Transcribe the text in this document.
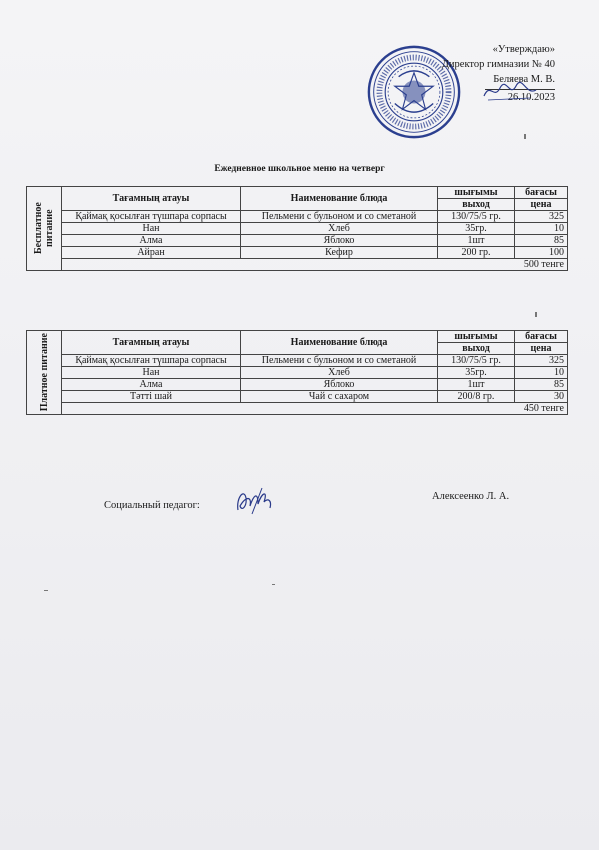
«Утверждаю»
Директор гимназии № 40
Беляева М. В.
26.10.2023
Ежедневное школьное меню на четверг
Бесплатное питание	Тағамның атауы	Наименование блюда	шығымы	бағасы
			выход	цена
	Қаймақ қосылған түшпара сорпасы	Пельмени с бульоном и со сметаной	130/75/5 гр.	325
	Нан	Хлеб	35гр.	10
	Алма	Яблоко	1шт	85
	Айран	Кефир	200 гр.	100
	500 тенге			
Платное питание	Тағамның атауы	Наименование блюда	шығымы	бағасы
			выход	цена
	Қаймақ қосылған түшпара сорпасы	Пельмени с бульоном и со сметаной	130/75/5 гр.	325
	Нан	Хлеб	35гр.	10
	Алма	Яблоко	1шт	85
	Тәтті шай	Чай с сахаром	200/8 гр.	30
	450 тенге			
Социальный педагог:
Алексеенко Л. А.
